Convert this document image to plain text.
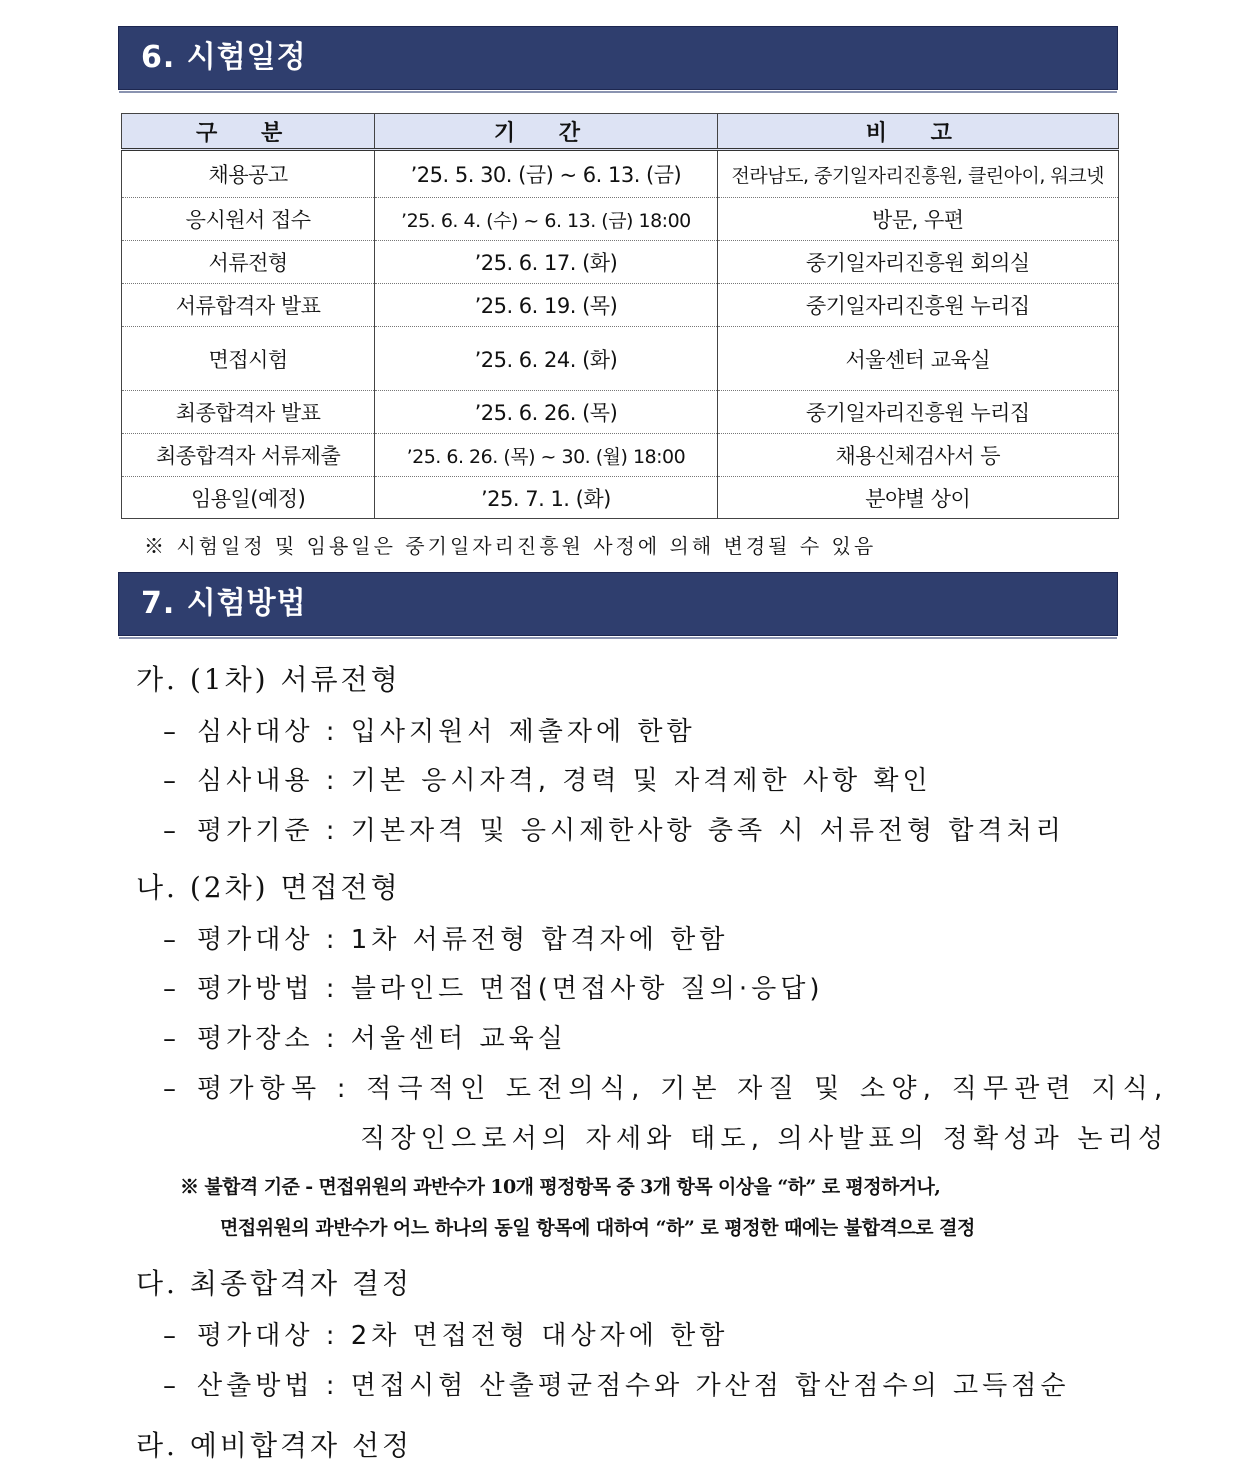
6. 시험일정
구 분	기 간	비 고
채용공고	’25. 5. 30. (금) ~ 6. 13. (금)	전라남도, 중기일자리진흥원, 클린아이, 워크넷
응시원서 접수	’25. 6. 4. (수) ~ 6. 13. (금) 18:00	방문, 우편
서류전형	’25. 6. 17. (화)	중기일자리진흥원 회의실
서류합격자 발표	’25. 6. 19. (목)	중기일자리진흥원 누리집
면접시험	’25. 6. 24. (화)	서울센터 교육실
최종합격자 발표	’25. 6. 26. (목)	중기일자리진흥원 누리집
최종합격자 서류제출	’25. 6. 26. (목) ~ 30. (월) 18:00	채용신체검사서 등
임용일(예정)	’25. 7. 1. (화)	분야별 상이
※ 시험일정 및 임용일은 중기일자리진흥원 사정에 의해 변경될 수 있음
7. 시험방법
가. (1차) 서류전형
– 심사대상 : 입사지원서 제출자에 한함
– 심사내용 : 기본 응시자격, 경력 및 자격제한 사항 확인
– 평가기준 : 기본자격 및 응시제한사항 충족 시 서류전형 합격처리
나. (2차) 면접전형
– 평가대상 : 1차 서류전형 합격자에 한함
– 평가방법 : 블라인드 면접(면접사항 질의·응답)
– 평가장소 : 서울센터 교육실
– 평가항목 : 적극적인 도전의식, 기본 자질 및 소양, 직무관련 지식,
직장인으로서의 자세와 태도, 의사발표의 정확성과 논리성
※ 불합격 기준 - 면접위원의 과반수가 10개 평정항목 중 3개 항목 이상을 “하” 로 평정하거나,
면접위원의 과반수가 어느 하나의 동일 항목에 대하여 “하” 로 평정한 때에는 불합격으로 결정
다. 최종합격자 결정
– 평가대상 : 2차 면접전형 대상자에 한함
– 산출방법 : 면접시험 산출평균점수와 가산점 합산점수의 고득점순
라. 예비합격자 선정
